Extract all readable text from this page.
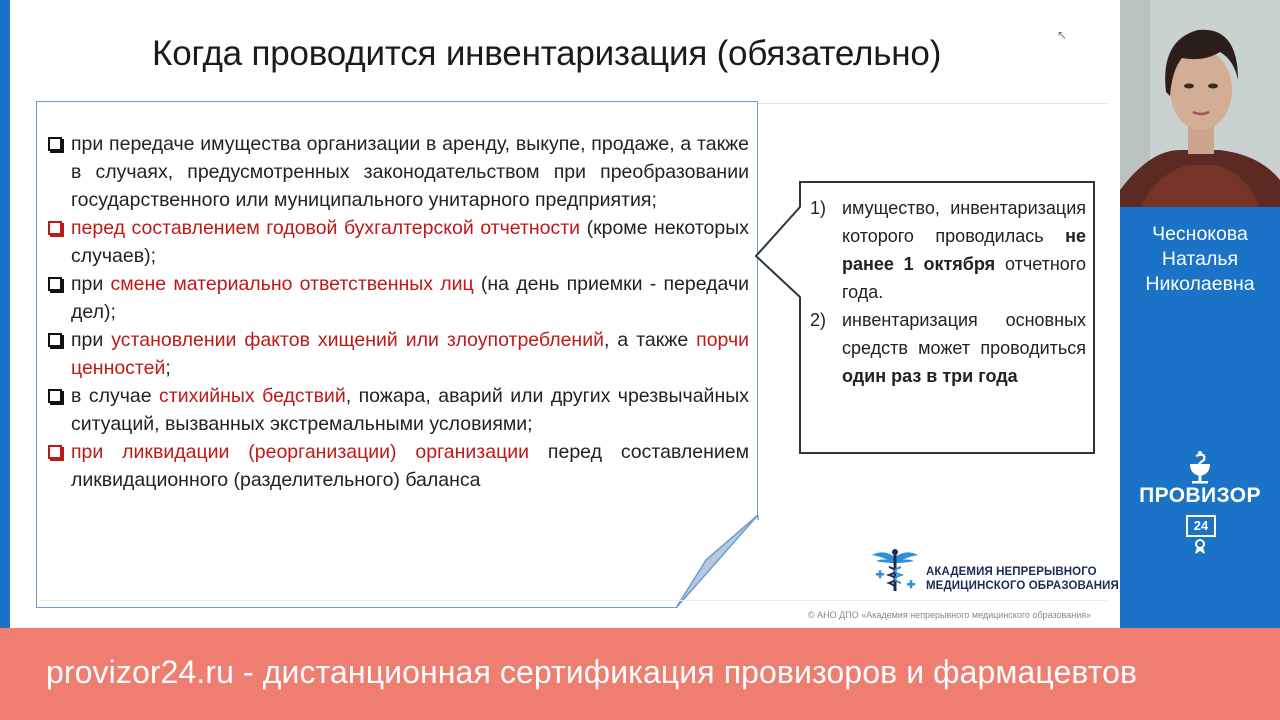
Когда проводится инвентаризация (обязательно)	↖
при передаче имущества организации в аренду, выкупе, продаже, а также в случаях, предусмотренных законодательством при преобразовании государственного или муниципального унитарного предприятия;
перед составлением годовой бухгалтерской отчетности (кроме некоторых случаев);
при смене материально ответственных лиц (на день приемки - передачи дел);
при установлении фактов хищений или злоупотреблений, а также порчи ценностей;
в случае стихийных бедствий, пожара, аварий или других чрезвычайных ситуаций, вызванных экстремальными условиями;
при ликвидации (реорганизации) организации перед составлением ликвидационного (разделительного) баланса
1) имущество, инвентаризация которого проводилась не ранее 1 октября отчетного года.
2) инвентаризация основных средств может проводиться один раз в три года
АКАДЕМИЯ НЕПРЕРЫВНОГО
МЕДИЦИНСКОГО ОБРАЗОВАНИЯ
© АНО ДПО «Академия непрерывного медицинского образования»
Чеснокова
Наталья
Николаевна
ПРОВИЗОР
24
provizor24.ru - дистанционная сертификация провизоров и фармацевтов
